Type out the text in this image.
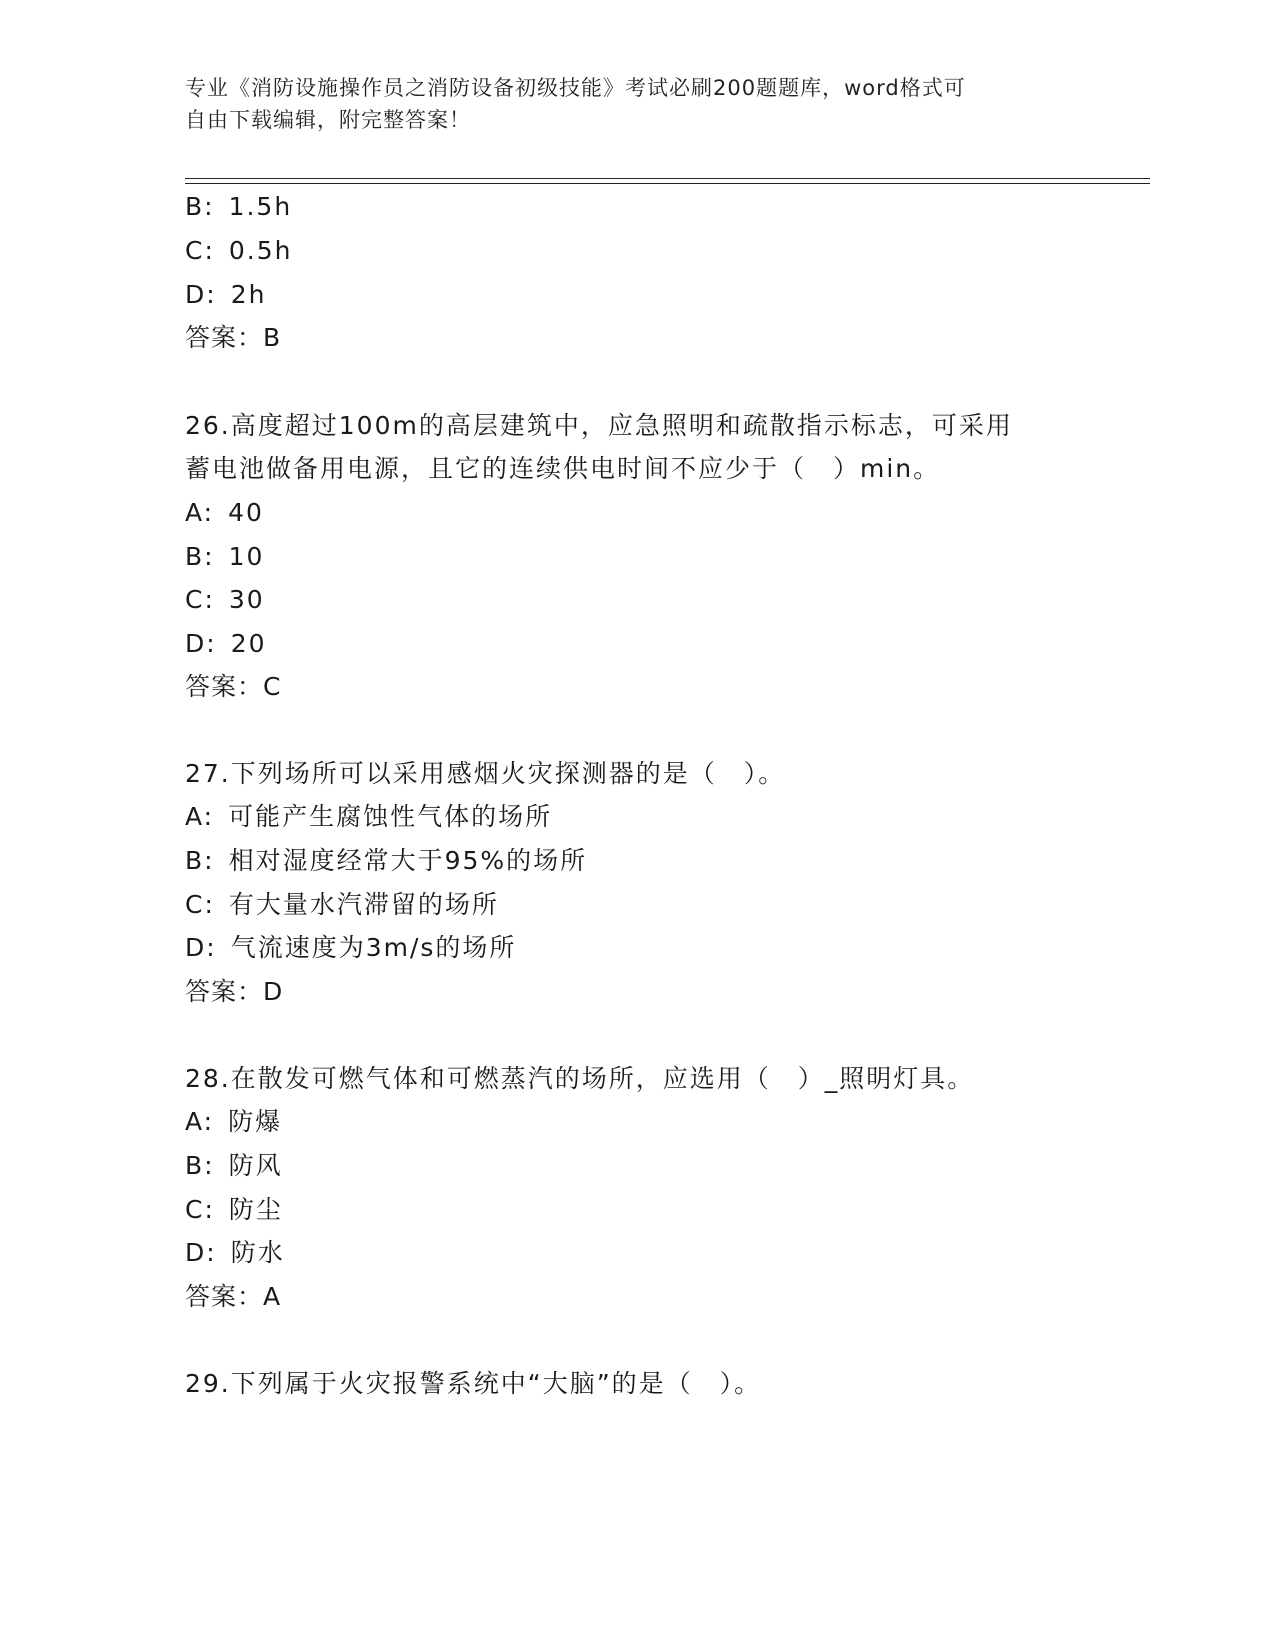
专业《消防设施操作员之消防设备初级技能》考试必刷200题题库，word格式可
自由下载编辑，附完整答案！
B: 1.5h
C: 0.5h
D: 2h
答案：B
26.高度超过100m的高层建筑中，应急照明和疏散指示标志，可采用
蓄电池做备用电源，且它的连续供电时间不应少于（　）min。
A: 40
B: 10
C: 30
D: 20
答案：C
27.下列场所可以采用感烟火灾探测器的是（　）。
A: 可能产生腐蚀性气体的场所
B: 相对湿度经常大于95%的场所
C: 有大量水汽滞留的场所
D: 气流速度为3m/s的场所
答案：D
28.在散发可燃气体和可燃蒸汽的场所，应选用（　）_照明灯具。
A: 防爆
B: 防风
C: 防尘
D: 防水
答案：A
29.下列属于火灾报警系统中“大脑”的是（　）。
